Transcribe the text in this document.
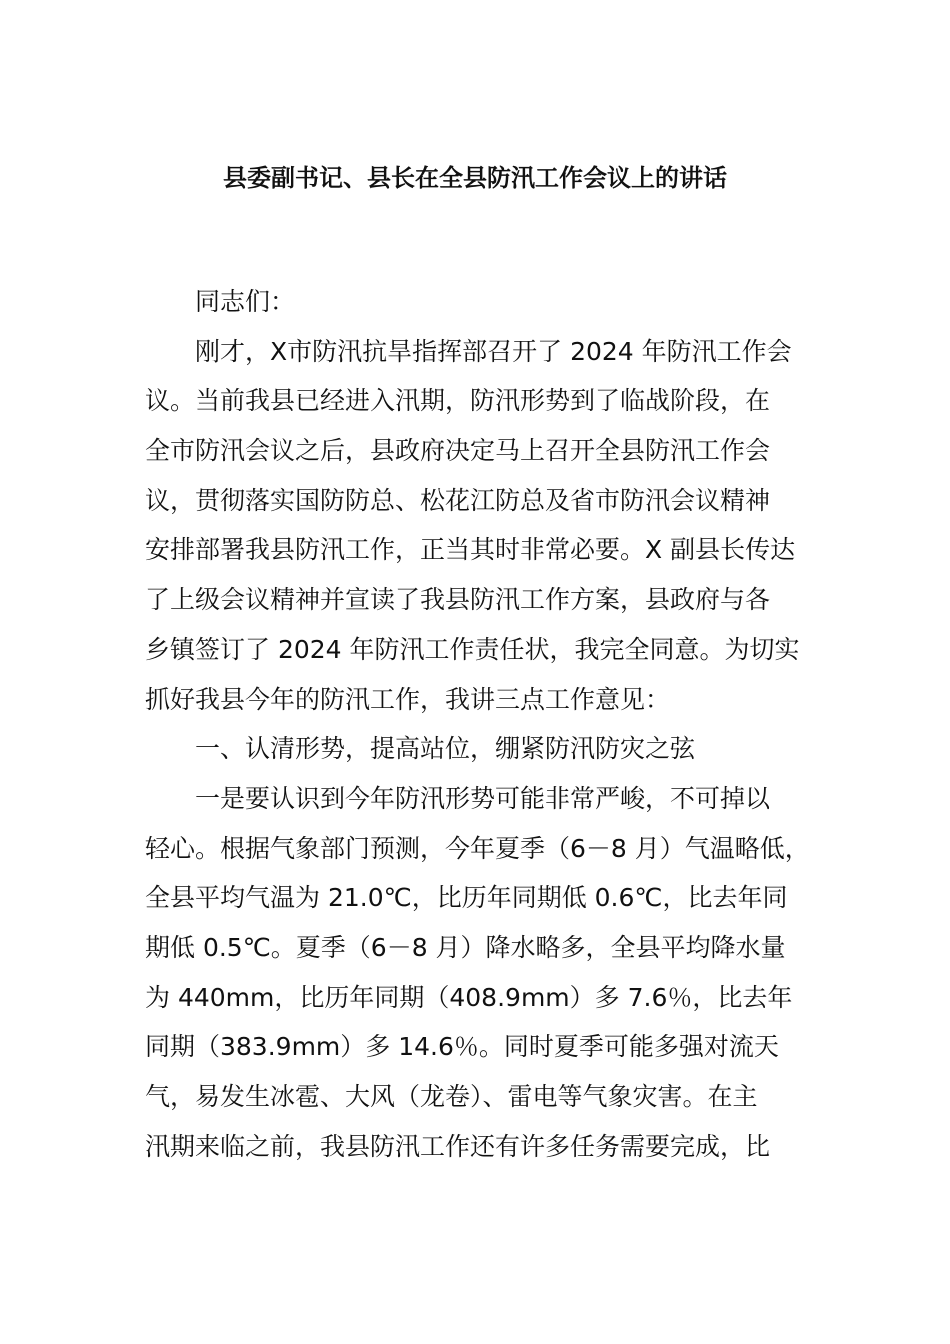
县委副书记、县长在全县防汛工作会议上的讲话
同志们：
刚才，X市防汛抗旱指挥部召开了 2024 年防汛工作会
议。当前我县已经进入汛期，防汛形势到了临战阶段，在
全市防汛会议之后，县政府决定马上召开全县防汛工作会
议，贯彻落实国防防总、松花江防总及省市防汛会议精神
安排部署我县防汛工作，正当其时非常必要。X 副县长传达
了上级会议精神并宣读了我县防汛工作方案，县政府与各
乡镇签订了 2024 年防汛工作责任状，我完全同意。为切实
抓好我县今年的防汛工作，我讲三点工作意见：
一、认清形势，提高站位，绷紧防汛防灾之弦
一是要认识到今年防汛形势可能非常严峻，不可掉以
轻心。根据气象部门预测，今年夏季（6－8 月）气温略低，
全县平均气温为 21.0℃，比历年同期低 0.6℃，比去年同
期低 0.5℃。夏季（6－8 月）降水略多，全县平均降水量
为 440mm，比历年同期（408.9mm）多 7.6％，比去年
同期（383.9mm）多 14.6％。同时夏季可能多强对流天
气，易发生冰雹、大风（龙卷）、雷电等气象灾害。在主
汛期来临之前，我县防汛工作还有许多任务需要完成，比
